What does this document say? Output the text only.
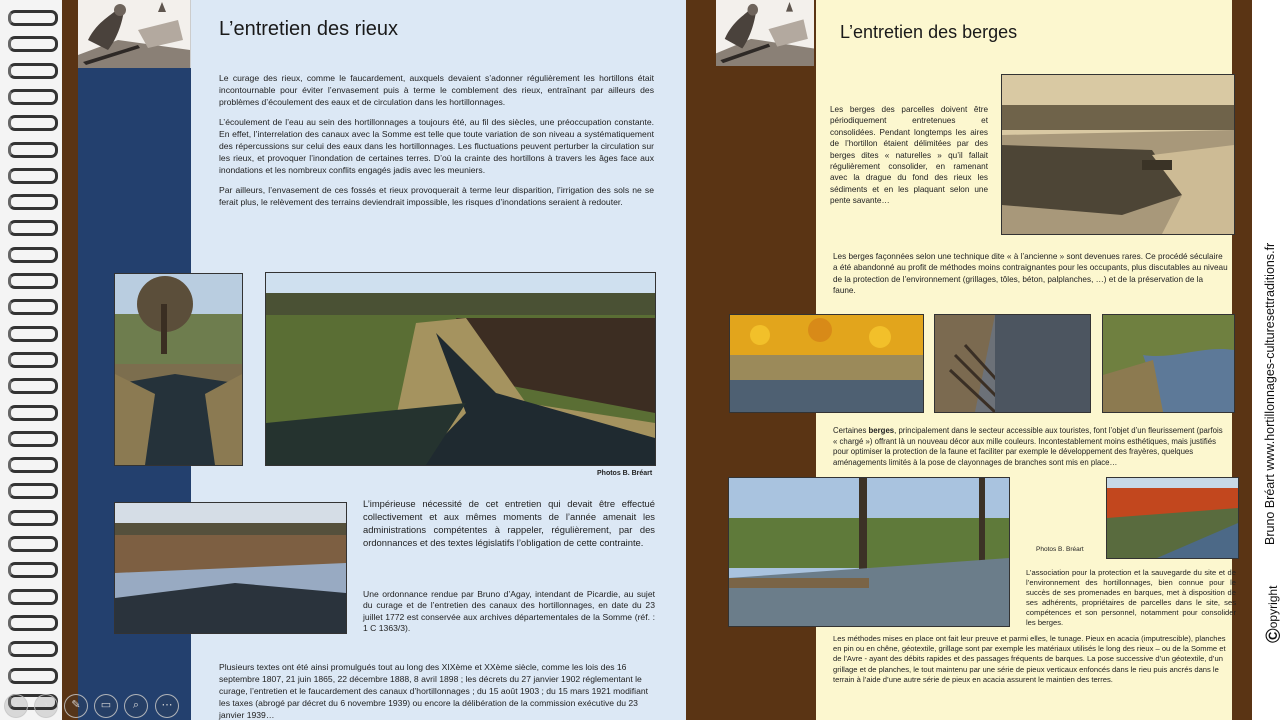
L’entretien des rieux

Le curage des rieux, comme le faucardement, auxquels devaient s’adonner régulièrement les hortillons était incontournable pour éviter l’envasement puis à terme le comblement des rieux, entraînant par ailleurs des problèmes d’écoulement des eaux et de circulation dans les hortillonnages.

L’écoulement de l’eau au sein des hortillonnages a toujours été, au fil des siècles, une préoccupation constante. En effet, l’interrelation des canaux avec la Somme est telle que toute variation de son niveau a systématiquement des répercussions sur celui des eaux dans les hortillonnages. Les fluctuations peuvent perturber la circulation sur les rieux, et provoquer l’inondation de certaines terres. D’où la crainte des hortillons à travers les âges face aux inondations et les nombreux conflits engagés jadis avec les meuniers.

Par ailleurs, l’envasement de ces fossés et rieux provoquerait à terme leur disparition, l’irrigation des sols ne se ferait plus, le relèvement des terrains deviendrait impossible, les risques d’inondations seraient à redouter.

Photos B. Bréart
L’impérieuse nécessité de cet entretien qui devait être effectué collectivement et aux mêmes moments de l’année amenait les administrations compétentes à rappeler, régulièrement, par des ordonnances et des textes législatifs l’obligation de cette contrainte.
Une ordonnance rendue par Bruno d’Agay, intendant de Picardie, au sujet du curage et de l’entretien des canaux des hortillonnages, en date du 23 juillet 1772 est conservée aux archives départementales de la Somme (réf. : 1 C 1363/3).
Plusieurs textes ont été ainsi promulgués tout au long des XIXème et XXème siècle, comme les lois des 16 septembre 1807, 21 juin 1865, 22 décembre 1888, 8 avril 1898 ; les décrets du 27 janvier 1902 réglementant le curage, l’entretien et le faucardement des canaux d’hortillonnages ; du 15 août 1903 ; du 15 mars 1921 modifiant les taxes (abrogé par décret du 6 novembre 1939) ou encore la délibération de la commission exécutive du 23 janvier 1939…
L’entretien des berges
Les berges des parcelles doivent être périodiquement entretenues et consolidées. Pendant longtemps les aires de l’hortillon étaient délimitées par des berges dites « naturelles » qu’il fallait régulièrement consolider, en ramenant avec la drague du fond des rieux les sédiments et en les plaquant selon une pente savante…
Les berges façonnées selon une technique dite « à l’ancienne » sont devenues rares. Ce procédé séculaire a été abandonné au profit de méthodes moins contraignantes pour les occupants, plus discutables au niveau de la protection de l’environnement (grillages, tôles, béton, palplanches, …) et de la préservation de la faune.
Certaines berges, principalement dans le secteur accessible aux touristes, font l’objet d’un fleurissement (parfois « chargé ») offrant là un nouveau décor aux mille couleurs. Incontestablement moins esthétiques, mais justifiés pour optimiser la protection de la faune et faciliter par exemple le développement des frayères, quelques aménagements limités à la pose de clayonnages de branches sont mis en place…
Photos B. Bréart
L’association pour la protection et la sauvegarde du site et de l’environnement des hortillonnages, bien connue pour le succès de ses promenades en barques, met à disposition de ses adhérents, propriétaires de parcelles dans le site, ses compétences et son personnel, notamment pour consolider les berges.
Les méthodes mises en place ont fait leur preuve et parmi elles, le tunage. Pieux en acacia (imputrescible), planches en pin ou en chêne, géotextile, grillage sont par exemple les matériaux utilisés le long des rieux – ou de la Somme et de l’Avre - ayant des débits rapides et des passages fréquents de barques. La pose successive d’un géotextile, d’un grillage et de planches, le tout maintenu par une série de pieux verticaux enfoncés dans le rieu puis ancrés dans le terrain à l’aide d’une autre série de pieux en acacia assurent le maintien des terres.
Bruno Bréart www.hortillonnages-culturesettraditions.fr
©opyright
‹	›	✎	▭	⌕	⋯
